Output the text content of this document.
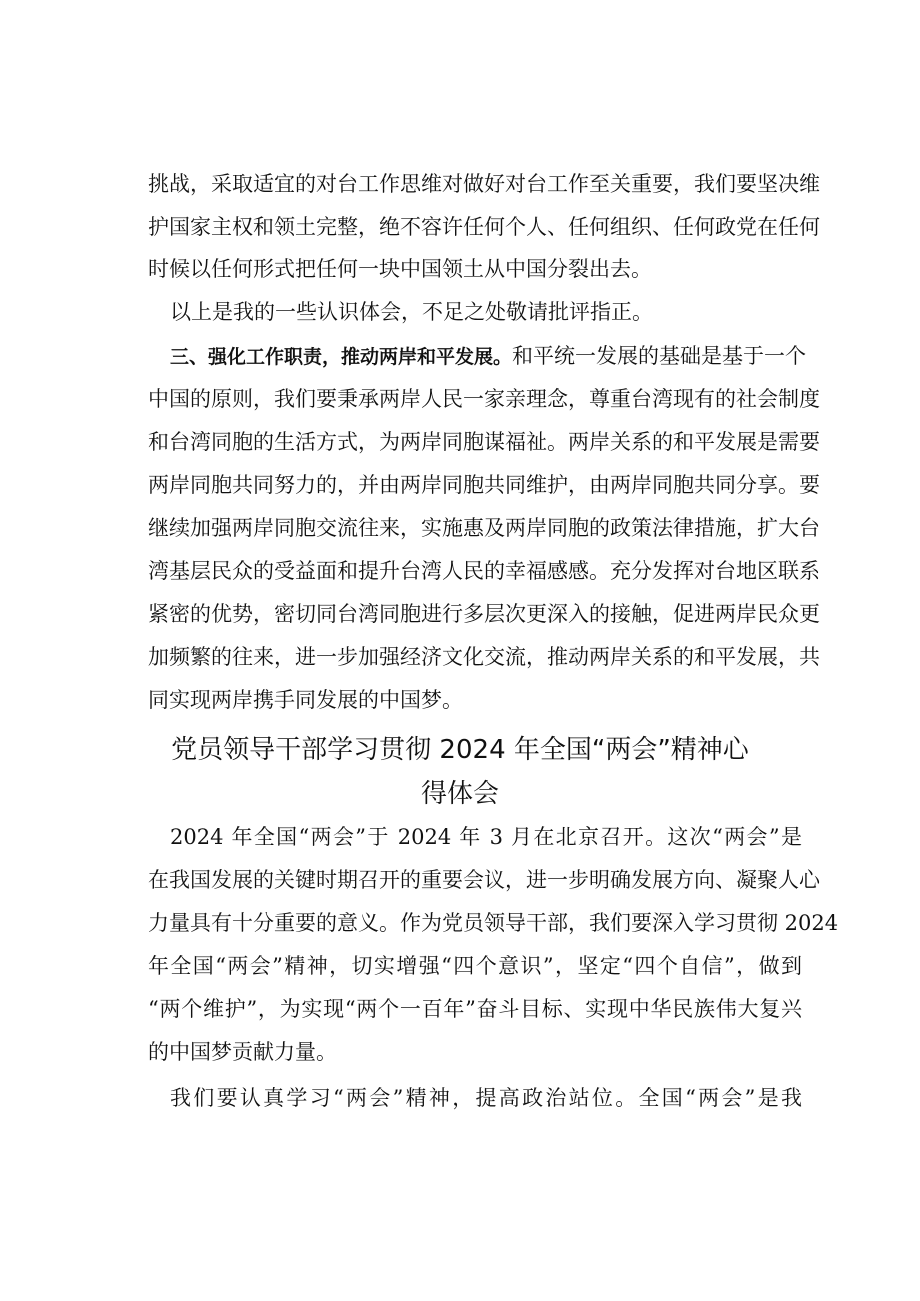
挑战，采取适宜的对台工作思维对做好对台工作至关重要，我们要坚决维
护国家主权和领土完整，绝不容许任何个人、任何组织、任何政党在任何
时候以任何形式把任何一块中国领土从中国分裂出去。
以上是我的一些认识体会，不足之处敬请批评指正。
三、强化工作职责，推动两岸和平发展。和平统一发展的基础是基于一个
中国的原则，我们要秉承两岸人民一家亲理念，尊重台湾现有的社会制度
和台湾同胞的生活方式，为两岸同胞谋福祉。两岸关系的和平发展是需要
两岸同胞共同努力的，并由两岸同胞共同维护，由两岸同胞共同分享。要
继续加强两岸同胞交流往来，实施惠及两岸同胞的政策法律措施，扩大台
湾基层民众的受益面和提升台湾人民的幸福感感。充分发挥对台地区联系
紧密的优势，密切同台湾同胞进行多层次更深入的接触，促进两岸民众更
加频繁的往来，进一步加强经济文化交流，推动两岸关系的和平发展，共
同实现两岸携手同发展的中国梦。
党员领导干部学习贯彻 2024 年全国“两会”精神心
得体会
2024 年全国“两会”于 2024 年 3 月在北京召开。这次“两会”是
在我国发展的关键时期召开的重要会议，进一步明确发展方向、凝聚人心
力量具有十分重要的意义。作为党员领导干部，我们要深入学习贯彻 2024
年全国“两会”精神，切实增强“四个意识”，坚定“四个自信”，做到
“两个维护”，为实现“两个一百年”奋斗目标、实现中华民族伟大复兴
的中国梦贡献力量。
我们要认真学习“两会”精神，提高政治站位。全国“两会”是我
